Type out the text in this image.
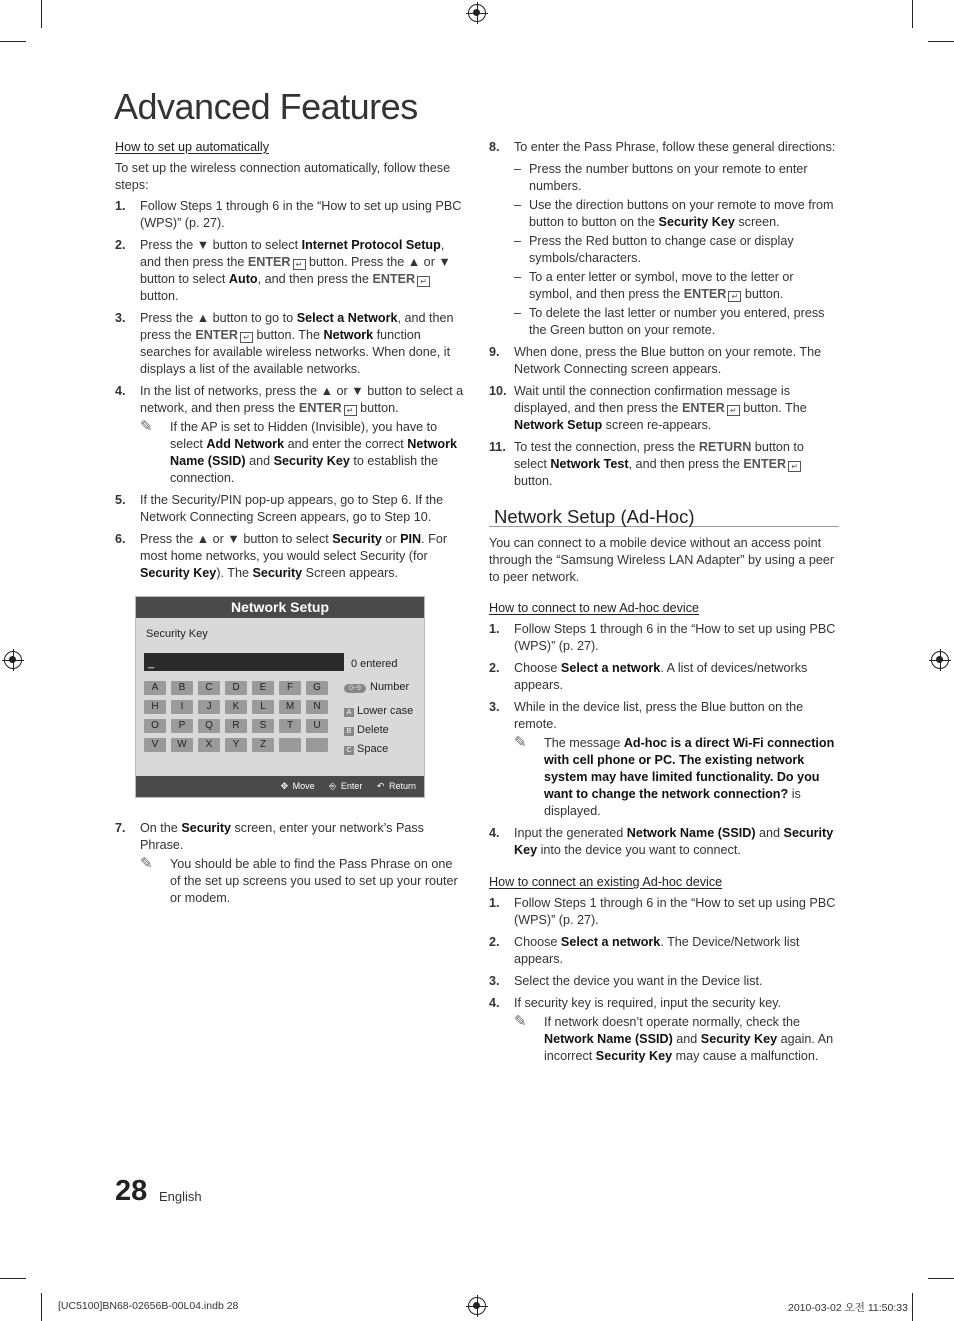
Advanced Features
How to set up automatically
To set up the wireless connection automatically, follow these steps:
1. Follow Steps 1 through 6 in the “How to set up using PBC (WPS)” (p. 27).
2. Press the ▼ button to select Internet Protocol Setup, and then press the ENTER ↵ button. Press the ▲ or ▼ button to select Auto, and then press the ENTER ↵ button.
3. Press the ▲ button to go to Select a Network, and then press the ENTER ↵ button. The Network function searches for available wireless networks. When done, it displays a list of the available networks.
4. In the list of networks, press the ▲ or ▼ button to select a network, and then press the ENTER ↵ button.
✎ If the AP is set to Hidden (Invisible), you have to select Add Network and enter the correct Network Name (SSID) and Security Key to establish the connection.
5. If the Security/PIN pop-up appears, go to Step 6. If the Network Connecting Screen appears, go to Step 10.
6. Press the ▲ or ▼ button to select Security or PIN. For most home networks, you would select Security (for Security Key). The Security Screen appears.
Network Setup
Security Key
_	0 entered
A	B	C	D	E	F	G
H	I	J	K	L	M	N
O	P	Q	R	S	T	U
V	W	X	Y	Z
0~9 Number
A Lower case
B Delete
C Space
✥ Move ⎆ Enter ↶ Return
7. On the Security screen, enter your network’s Pass Phrase.
✎ You should be able to find the Pass Phrase on one of the set up screens you used to set up your router or modem.
8. To enter the Pass Phrase, follow these general directions:
– Press the number buttons on your remote to enter numbers.
– Use the direction buttons on your remote to move from button to button on the Security Key screen.
– Press the Red button to change case or display symbols/characters.
– To a enter letter or symbol, move to the letter or symbol, and then press the ENTER ↵ button.
– To delete the last letter or number you entered, press the Green button on your remote.
9. When done, press the Blue button on your remote. The Network Connecting screen appears.
10. Wait until the connection confirmation message is displayed, and then press the ENTER ↵ button. The Network Setup screen re-appears.
11. To test the connection, press the RETURN button to select Network Test, and then press the ENTER ↵ button.
Network Setup (Ad-Hoc)
You can connect to a mobile device without an access point through the “Samsung Wireless LAN Adapter” by using a peer to peer network.
How to connect to new Ad-hoc device
1. Follow Steps 1 through 6 in the “How to set up using PBC (WPS)” (p. 27).
2. Choose Select a network. A list of devices/networks appears.
3. While in the device list, press the Blue button on the remote.
✎ The message Ad-hoc is a direct Wi-Fi connection with cell phone or PC. The existing network system may have limited functionality. Do you want to change the network connection? is displayed.
4. Input the generated Network Name (SSID) and Security Key into the device you want to connect.
How to connect an existing Ad-hoc device
1. Follow Steps 1 through 6 in the “How to set up using PBC (WPS)” (p. 27).
2. Choose Select a network. The Device/Network list appears.
3. Select the device you want in the Device list.
4. If security key is required, input the security key.
✎ If network doesn’t operate normally, check the Network Name (SSID) and Security Key again. An incorrect Security Key may cause a malfunction.
28 English
[UC5100]BN68-02656B-00L04.indb 28	2010-03-02 오전 11:50:33
